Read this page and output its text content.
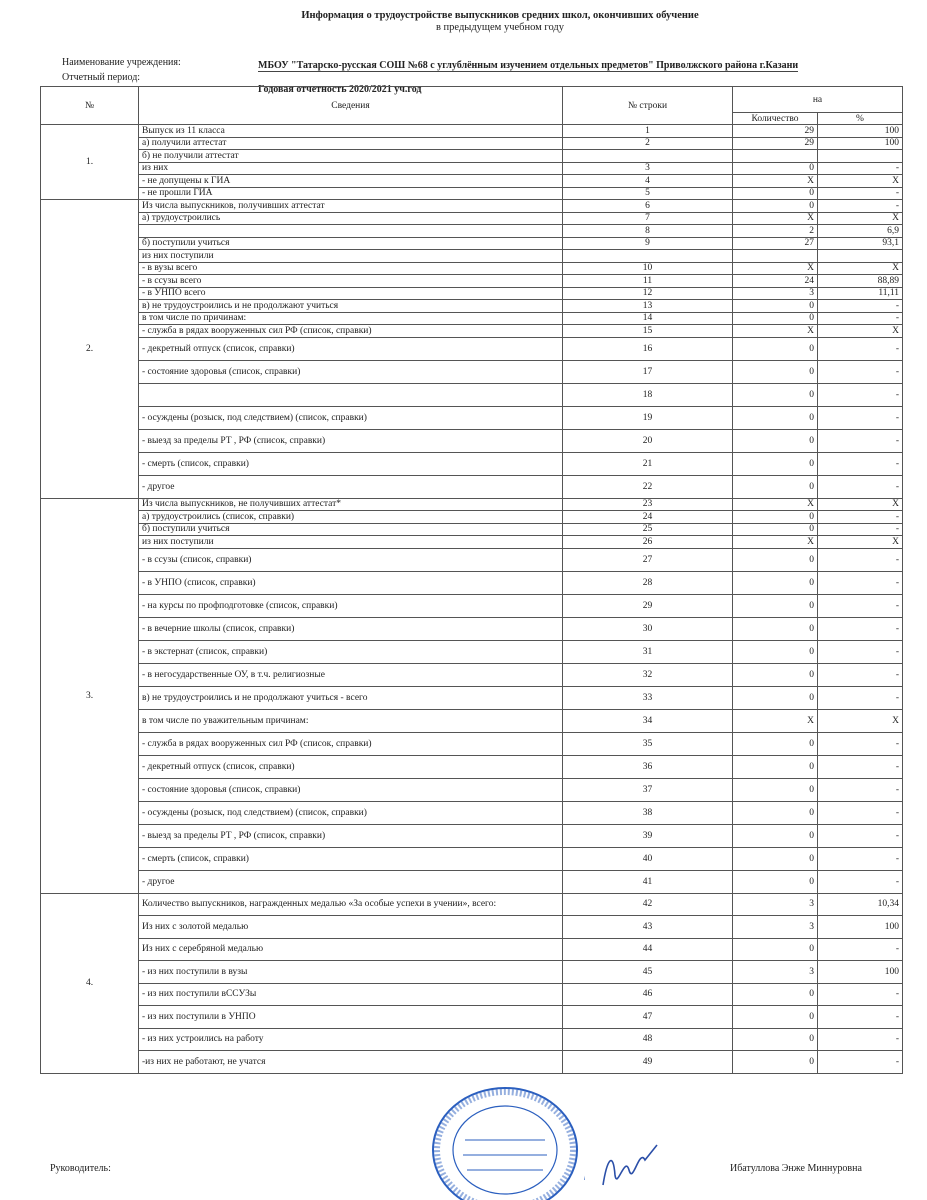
Информация о трудоустройстве выпускников средних школ, окончивших обучение
в предыдущем учебном году
Наименование учреждения:	МБОУ "Татарско-русская СОШ №68 с углублённым изучением отдельных предметов" Приволжского района г.Казани
Отчетный период:
Годовая отчетность 2020/2021 уч.год
№	Сведения	№ строки	на	
			Количество	%
1.	Выпуск из 11 класса	1	29	100
	а) получили аттестат	2	29	100
	б) не получили аттестат			
	из них	3	0	-
	- не допущены к ГИА	4	X	X
	- не прошли ГИА	5	0	-
2.	Из числа выпускников, получивших аттестат	6	0	-
	а) трудоустроились	7	X	X
		8	2	6,9
	б) поступили учиться	9	27	93,1
	из них поступили			
	- в вузы всего	10	X	X
	- в ссузы всего	11	24	88,89
	- в УНПО всего	12	3	11,11
	в) не трудоустроились и не продолжают учиться	13	0	-
	в том числе по причинам:	14	0	-
	- служба в рядах вооруженных сил РФ (список, справки)	15	X	X
	- декретный отпуск (список, справки)	16	0	-
	- состояние здоровья (список, справки)	17	0	-
		18	0	-
	- осуждены (розыск, под следствием) (список, справки)	19	0	-
	- выезд за пределы РТ , РФ (список, справки)	20	0	-
	- смерть (список, справки)	21	0	-
	- другое	22	0	-
3.	Из числа выпускников, не получивших аттестат*	23	X	X
	а) трудоустроились (список, справки)	24	0	-
	б) поступили учиться	25	0	-
	из них поступили	26	X	X
	- в ссузы (список, справки)	27	0	-
	- в УНПО (список, справки)	28	0	-
	- на курсы по профподготовке (список, справки)	29	0	-
	- в вечерние школы (список, справки)	30	0	-
	- в экстернат (список, справки)	31	0	-
	- в негосударственные ОУ, в т.ч. религиозные	32	0	-
	в) не трудоустроились и не продолжают учиться - всего	33	0	-
	в том числе по уважительным причинам:	34	X	X
	- служба в рядах вооруженных сил РФ (список, справки)	35	0	-
	- декретный отпуск (список, справки)	36	0	-
	- состояние здоровья (список, справки)	37	0	-
	- осуждены (розыск, под следствием) (список, справки)	38	0	-
	- выезд за пределы РТ , РФ (список, справки)	39	0	-
	- смерть (список, справки)	40	0	-
	- другое	41	0	-
4.	Количество выпускников, награжденных медалью «За особые успехи в учении», всего:	42	3	10,34
	Из них с золотой медалью	43	3	100
	Из них с серебряной медалью	44	0	-
	- из них поступили в вузы	45	3	100
	- из них поступили вССУЗы	46	0	-
	- из них поступили в УНПО	47	0	-
	- из них устроились на работу	48	0	-
	-из них не работают, не учатся	49	0	-
Руководитель:	Ибатуллова Энже Миннуровна
